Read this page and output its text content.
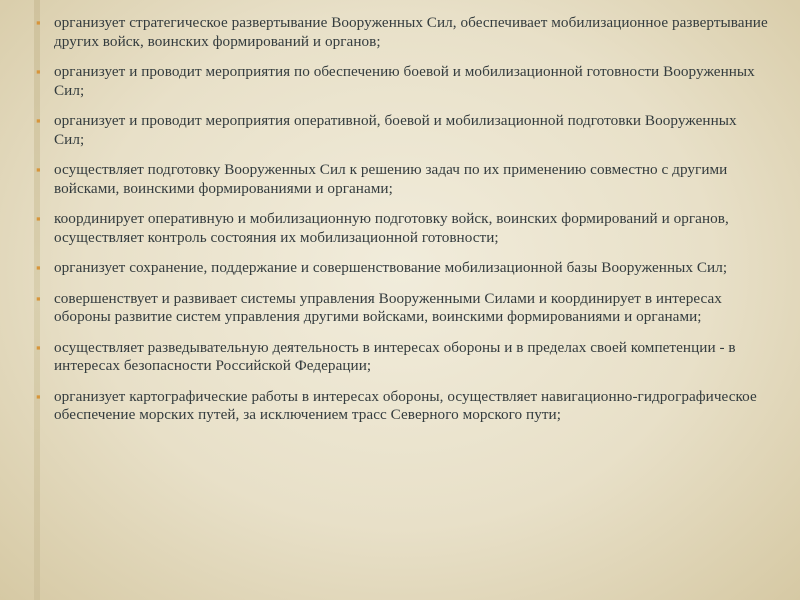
▪ организует стратегическое развертывание Вооруженных Сил, обеспечивает мобилизационное развертывание других войск, воинских формирований и органов;
▪ организует и проводит мероприятия по обеспечению боевой и мобилизационной готовности Вооруженных Сил;
▪ организует и проводит мероприятия оперативной, боевой и мобилизационной подготовки Вооруженных Сил;
▪ осуществляет подготовку Вооруженных Сил к решению задач по их применению совместно с другими войсками, воинскими формированиями и органами;
▪ координирует оперативную и мобилизационную подготовку войск, воинских формирований и органов, осуществляет контроль состояния их мобилизационной готовности;
▪ организует сохранение, поддержание и совершенствование мобилизационной базы Вооруженных Сил;
▪ совершенствует и развивает системы управления Вооруженными Силами и координирует в интересах обороны развитие систем управления другими войсками, воинскими формированиями и органами;
▪ осуществляет разведывательную деятельность в интересах обороны и в пределах своей компетенции - в интересах безопасности Российской Федерации;
▪ организует картографические работы в интересах обороны, осуществляет навигационно-гидрографическое обеспечение морских путей, за исключением трасс Северного морского пути;
